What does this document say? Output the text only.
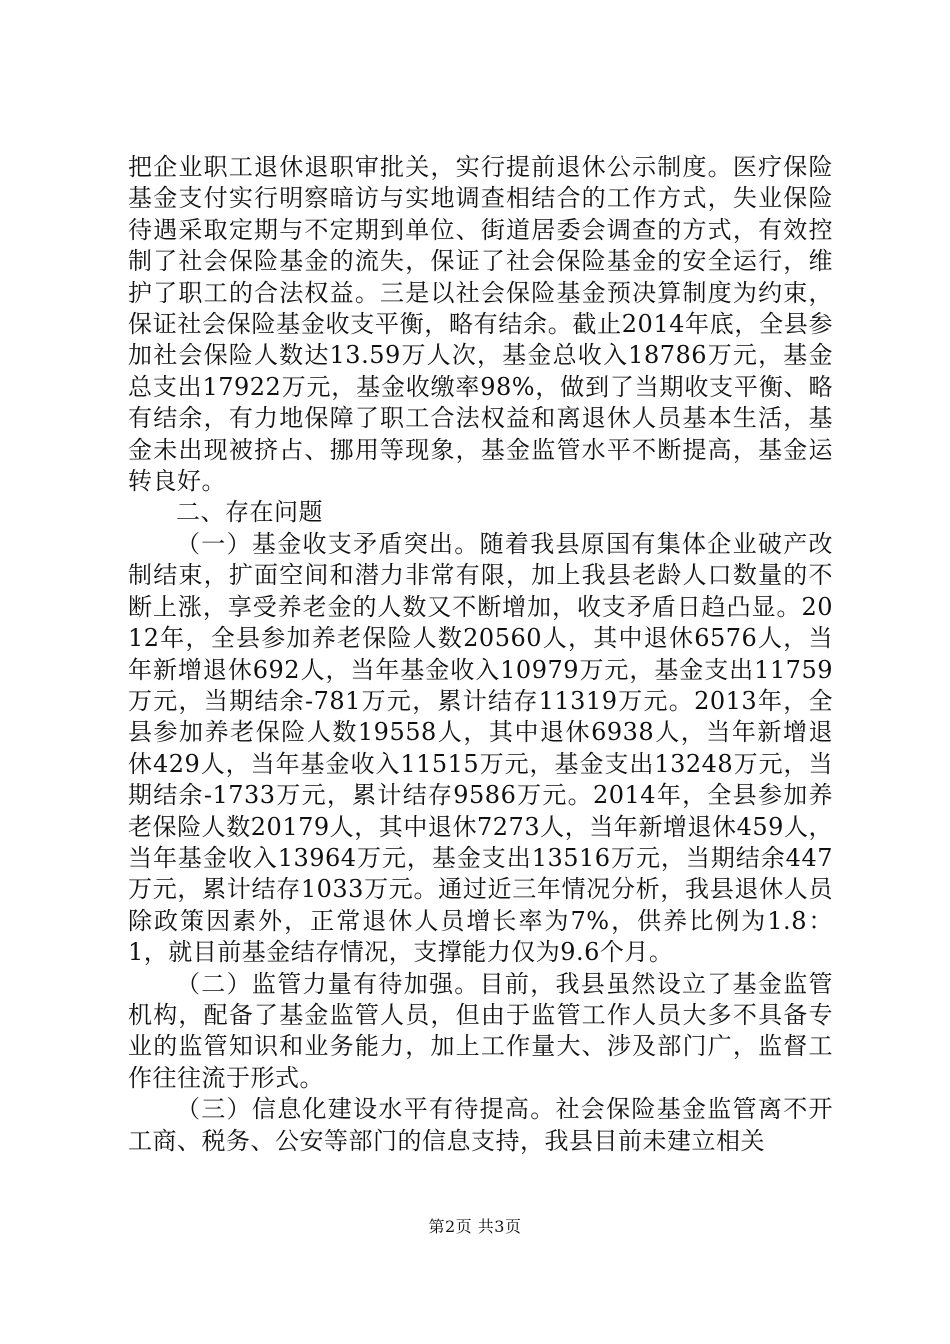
把企业职工退休退职审批关，实行提前退休公示制度。医疗保险基金支付实行明察暗访与实地调查相结合的工作方式，失业保险待遇采取定期与不定期到单位、街道居委会调查的方式，有效控制了社会保险基金的流失，保证了社会保险基金的安全运行，维护了职工的合法权益。三是以社会保险基金预决算制度为约束，保证社会保险基金收支平衡，略有结余。截止2014年底，全县参加社会保险人数达13.59万人次，基金总收入18786万元，基金总支出17922万元，基金收缴率98%，做到了当期收支平衡、略有结余，有力地保障了职工合法权益和离退休人员基本生活，基金未出现被挤占、挪用等现象，基金监管水平不断提高，基金运转良好。

二、存在问题

（一）基金收支矛盾突出。随着我县原国有集体企业破产改制结束，扩面空间和潜力非常有限，加上我县老龄人口数量的不断上涨，享受养老金的人数又不断增加，收支矛盾日趋凸显。2012年，全县参加养老保险人数20560人，其中退休6576人，当年新增退休692人，当年基金收入10979万元，基金支出11759万元，当期结余-781万元，累计结存11319万元。2013年，全县参加养老保险人数19558人，其中退休6938人，当年新增退休429人，当年基金收入11515万元，基金支出13248万元，当期结余-1733万元，累计结存9586万元。2014年，全县参加养老保险人数20179人，其中退休7273人，当年新增退休459人，当年基金收入13964万元，基金支出13516万元，当期结余447万元，累计结存1033万元。通过近三年情况分析，我县退休人员除政策因素外，正常退休人员增长率为7%，供养比例为1.8：1，就目前基金结存情况，支撑能力仅为9.6个月。

（二）监管力量有待加强。目前，我县虽然设立了基金监管机构，配备了基金监管人员，但由于监管工作人员大多不具备专业的监管知识和业务能力，加上工作量大、涉及部门广，监督工作往往流于形式。

（三）信息化建设水平有待提高。社会保险基金监管离不开工商、税务、公安等部门的信息支持，我县目前未建立相关

第2页 共3页
